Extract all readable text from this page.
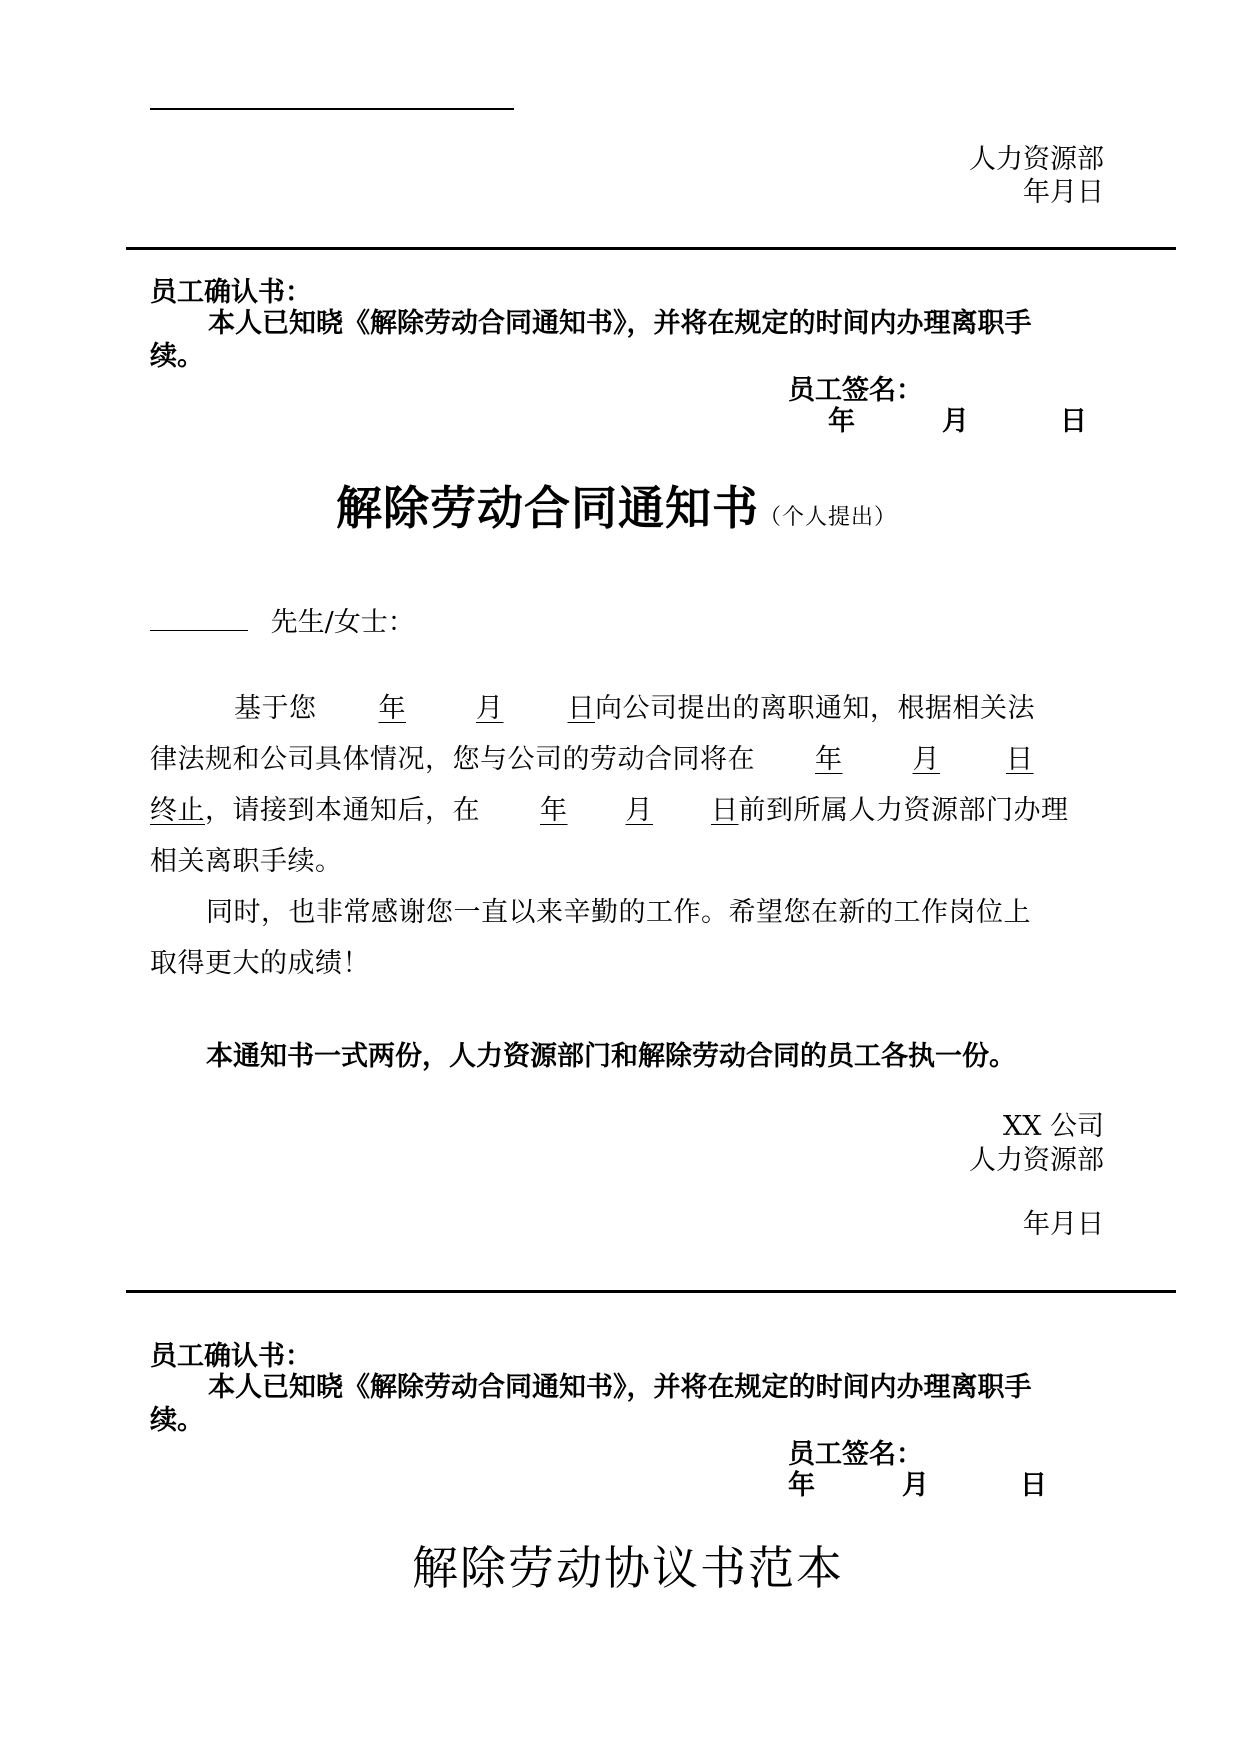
人力资源部
年月日
员工确认书：
本人已知晓《解除劳动合同通知书》，并将在规定的时间内办理离职手
续。
员工签名：
年	月	日
解除劳动合同通知书（个人提出）
先生/女士：
基于您 年	月 日向公司提出的离职通知，根据相关法
律法规和公司具体情况，您与公司的劳动合同将在 年	月 日
终止，请接到本通知后，在 年 月 日前到所属人力资源部门办理
相关离职手续。
同时，也非常感谢您一直以来辛勤的工作。希望您在新的工作岗位上
取得更大的成绩！
本通知书一式两份，人力资源部门和解除劳动合同的员工各执一份。
XX 公司
人力资源部
年月日
员工确认书：
本人已知晓《解除劳动合同通知书》，并将在规定的时间内办理离职手
续。
员工签名：
年	月	日
解除劳动协议书范本
